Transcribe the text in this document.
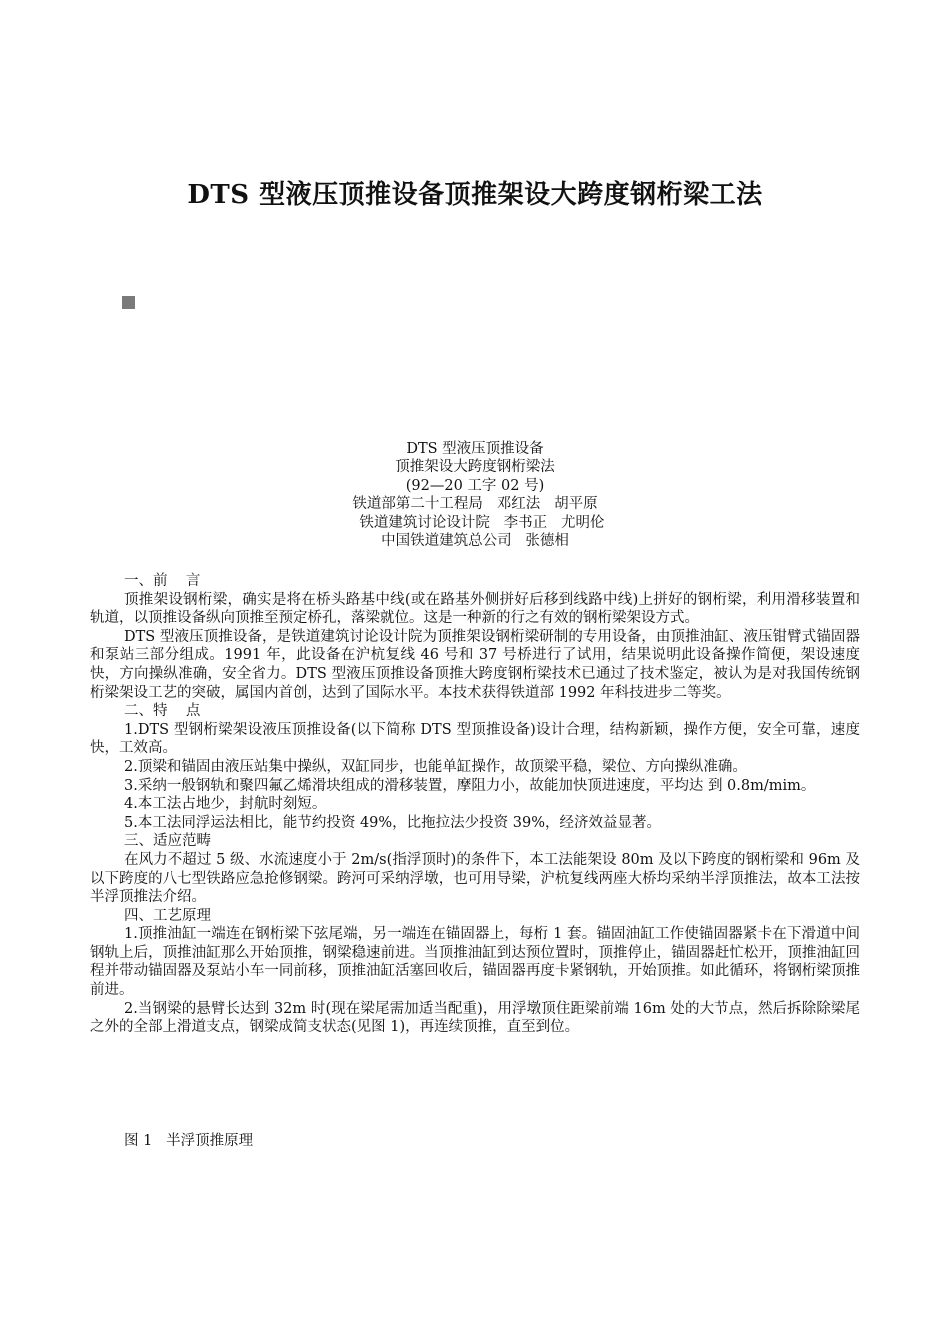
DTS 型液压顶推设备顶推架设大跨度钢桁梁工法
DTS 型液压顶推设备
顶推架设大跨度钢桁梁法
(92—20 工字 02 号)
铁道部第二十工程局   邓红法   胡平原
铁道建筑讨论设计院   李书正   尤明伦
中国铁道建筑总公司   张德相

一、前    言

顶推架设钢桁梁，确实是将在桥头路基中线(或在路基外侧拼好后移到线路中线)上拼好的钢桁梁，利用滑移装置和轨道，以顶推设备纵向顶推至预定桥孔，落梁就位。这是一种新的行之有效的钢桁梁架设方式。

DTS 型液压顶推设备，是铁道建筑讨论设计院为顶推架设钢桁梁研制的专用设备，由顶推油缸、液压钳臂式锚固器和泵站三部分组成。1991 年，此设备在沪杭复线 46 号和 37 号桥进行了试用，结果说明此设备操作简便，架设速度快，方向操纵准确，安全省力。DTS 型液压顶推设备顶推大跨度钢桁梁技术已通过了技术鉴定，被认为是对我国传统钢桁梁架设工艺的突破，属国内首创，达到了国际水平。本技术获得铁道部 1992 年科技进步二等奖。

二、特    点

1.DTS 型钢桁梁架设液压顶推设备(以下简称 DTS 型顶推设备)设计合理，结构新颖，操作方便，安全可靠，速度快，工效高。

2.顶梁和锚固由液压站集中操纵，双缸同步，也能单缸操作，故顶梁平稳，梁位、方向操纵准确。

3.采纳一般钢轨和聚四氟乙烯滑块组成的滑移装置，摩阻力小，故能加快顶进速度，平均达 到 0.8m/mim。

4.本工法占地少，封航时刻短。

5.本工法同浮运法相比，能节约投资 49%，比拖拉法少投资 39%，经济效益显著。

三、适应范畴

在风力不超过 5 级、水流速度小于 2m/s(指浮顶时)的条件下，本工法能架设 80m 及以下跨度的钢桁梁和 96m 及以下跨度的八七型铁路应急抢修钢梁。跨河可采纳浮墩，也可用导梁，沪杭复线两座大桥均采纳半浮顶推法，故本工法按半浮顶推法介绍。

四、工艺原理

1.顶推油缸一端连在钢桁梁下弦尾端，另一端连在锚固器上，每桁 1 套。锚固油缸工作使锚固器紧卡在下滑道中间钢轨上后，顶推油缸那么开始顶推，钢梁稳速前进。当顶推油缸到达预位置时，顶推停止，锚固器赶忙松开，顶推油缸回程并带动锚固器及泵站小车一同前移，顶推油缸活塞回收后，锚固器再度卡紧钢轨，开始顶推。如此循环，将钢桁梁顶推前进。

2.当钢梁的悬臂长达到 32m 时(现在梁尾需加适当配重)，用浮墩顶住距梁前端 16m 处的大节点，然后拆除除梁尾之外的全部上滑道支点，钢梁成简支状态(见图 1)，再连续顶推，直至到位。

图 1   半浮顶推原理
